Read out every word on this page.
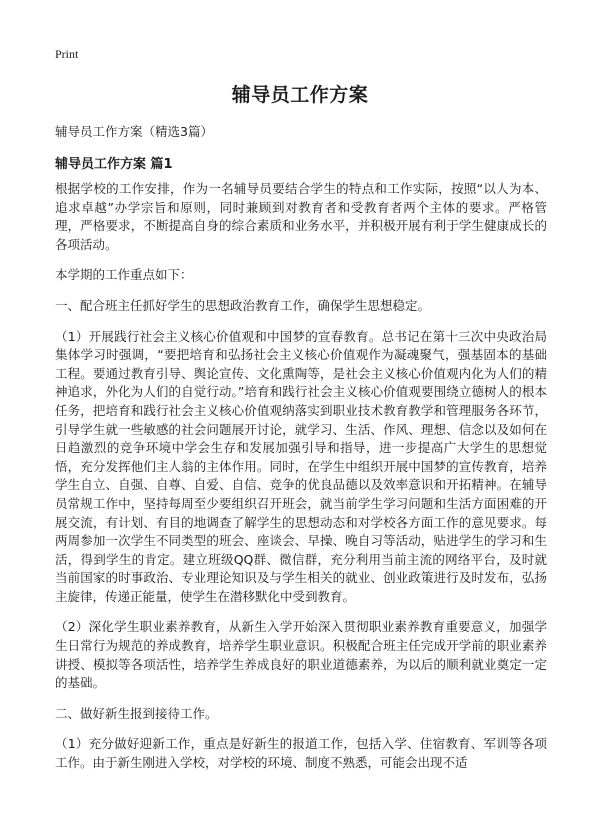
Print
辅导员工作方案
辅导员工作方案（精选3篇）
辅导员工作方案 篇1

根据学校的工作安排，作为一名辅导员要结合学生的特点和工作实际，按照“以人为本、追求卓越”办学宗旨和原则，同时兼顾到对教育者和受教育者两个主体的要求。严格管理，严格要求，不断提高自身的综合素质和业务水平，并积极开展有利于学生健康成长的各项活动。

本学期的工作重点如下：

一、配合班主任抓好学生的思想政治教育工作，确保学生思想稳定。

（1）开展践行社会主义核心价值观和中国梦的宣春教育。总书记在第十三次中央政治局集体学习时强调，“要把培育和弘扬社会主义核心价值观作为凝魂聚气，强基固本的基础工程。要通过教育引导、舆论宣传、文化熏陶等，是社会主义核心价值观内化为人们的精神追求，外化为人们的自觉行动。”培育和践行社会主义核心价值观要围绕立德树人的根本任务，把培育和践行社会主义核心价值观纳落实到职业技术教育教学和管理服务各环节，引导学生就一些敏感的社会问题展开讨论，就学习、生活、作风、理想、信念以及如何在日趋激烈的竞争环境中学会生存和发展加强引导和指导，进一步提高广大学生的思想觉悟，充分发挥他们主人翁的主体作用。同时，在学生中组织开展中国梦的宣传教育，培养学生自立、自强、自尊、自爱、自信、竞争的优良品德以及效率意识和开拓精神。在辅导员常规工作中，坚持每周至少要组织召开班会，就当前学生学习问题和生活方面困难的开展交流，有计划、有目的地调查了解学生的思想动态和对学校各方面工作的意见要求。每两周参加一次学生不同类型的班会、座谈会、早操、晚自习等活动，贴进学生的学习和生活，得到学生的肯定。建立班级QQ群、微信群，充分利用当前主流的网络平台，及时就当前国家的时事政治、专业理论知识及与学生相关的就业、创业政策进行及时发布，弘扬主旋律，传递正能量，使学生在潜移默化中受到教育。

（2）深化学生职业素养教育，从新生入学开始深入贯彻职业素养教育重要意义，加强学生日常行为规范的养成教育，培养学生职业意识。积极配合班主任完成开学前的职业素养讲授、模拟等各项活性，培养学生养成良好的职业道德素养，为以后的顺利就业奠定一定的基础。

二、做好新生报到接待工作。

（1）充分做好迎新工作，重点是好新生的报道工作，包括入学、住宿教育、军训等各项工作。由于新生刚进入学校，对学校的环境、制度不熟悉，可能会出现不适
